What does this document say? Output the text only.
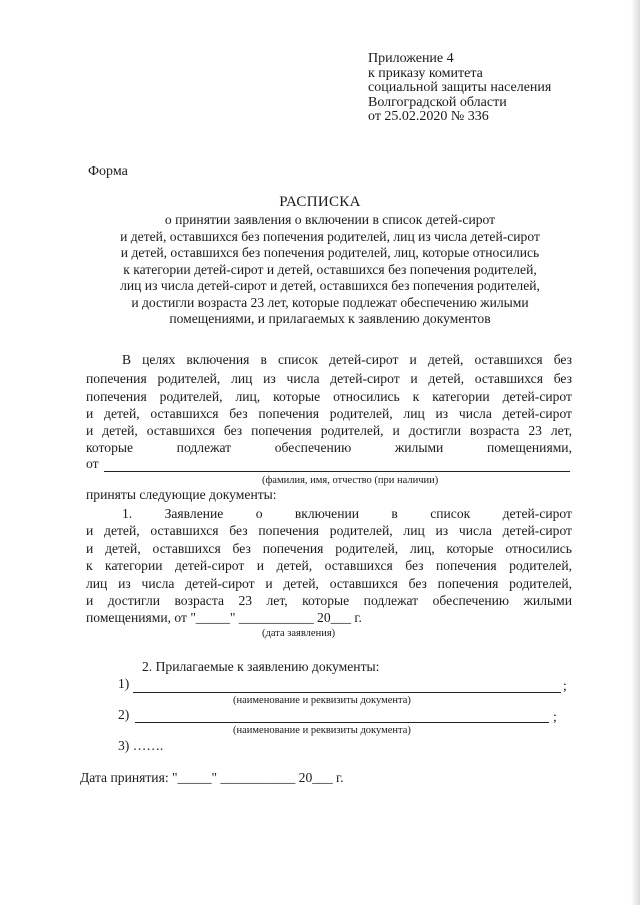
Приложение 4
к приказу комитета
социальной защиты населения
Волгоградской области
от 25.02.2020 № 336
Форма
РАСПИСКА
о принятии заявления о включении в список детей-сирот
и детей, оставшихся без попечения родителей, лиц из числа детей-сирот
и детей, оставшихся без попечения родителей, лиц, которые относились
к категории детей-сирот и детей, оставшихся без попечения родителей,
лиц из числа детей-сирот и детей, оставшихся без попечения родителей,
и достигли возраста 23 лет, которые подлежат обеспечению жилыми
помещениями, и прилагаемых к заявлению документов
В целях включения в список детей-сирот и детей, оставшихся без
попечения родителей, лиц из числа детей-сирот и детей, оставшихся без
попечения родителей, лиц, которые относились к категории детей-сирот
и детей, оставшихся без попечения родителей, лиц из числа детей-сирот
и детей, оставшихся без попечения родителей, и достигли возраста 23 лет,
которые подлежат обеспечению жилыми помещениями,
от
(фамилия, имя, отчество (при наличии)
приняты следующие документы:
1. Заявление о включении в список детей-сирот
и детей, оставшихся без попечения родителей, лиц из числа детей-сирот
и детей, оставшихся без попечения родителей, лиц, которые относились
к категории детей-сирот и детей, оставшихся без попечения родителей,
лиц из числа детей-сирот и детей, оставшихся без попечения родителей,
и достигли возраста 23 лет, которые подлежат обеспечению жилыми
помещениями, от "_____" ___________ 20___ г.
(дата заявления)
2. Прилагаемые к заявлению документы:
1)	;
(наименование и реквизиты документа)
2)	;
(наименование и реквизиты документа)
3) …….
Дата принятия: "_____" ___________ 20___ г.
